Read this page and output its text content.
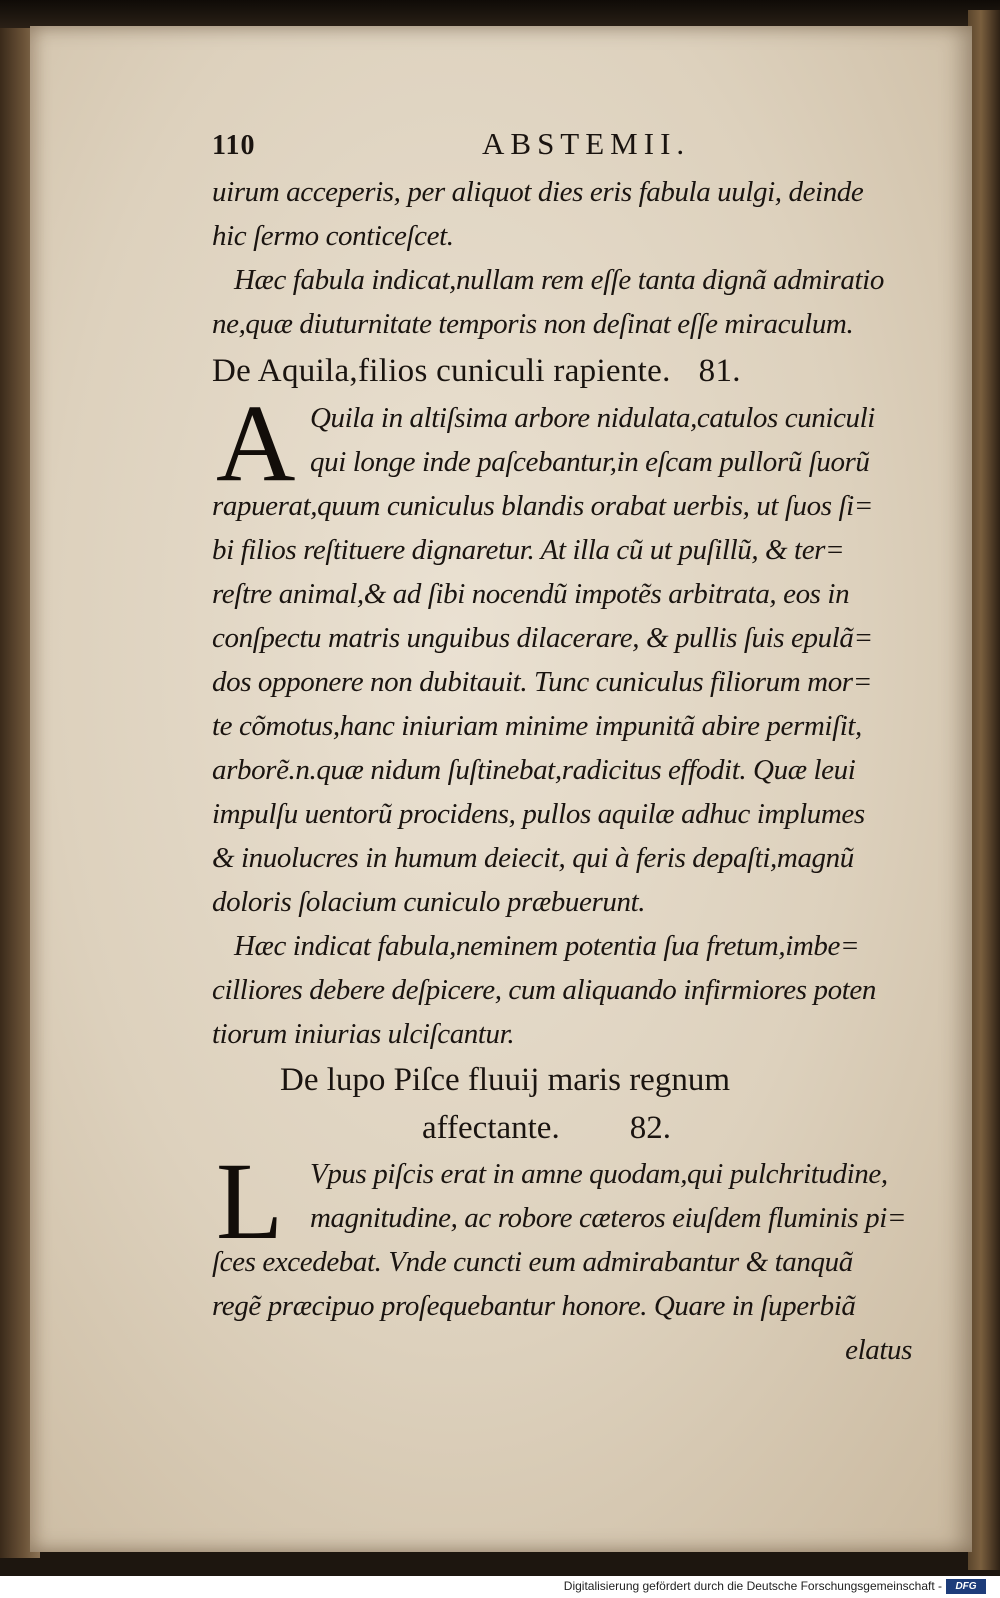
110	ABSTEMII.
uirum acceperis, per aliquot dies eris fabula uulgi, deinde
hic ſermo conticeſcet.
Hæc fabula indicat,nullam rem eſſe tanta dignã admiratio
ne,quæ diuturnitate temporis non deſinat eſſe miraculum.
De Aquila,filios cuniculi rapiente. 81.
A Quila in altiſsima arbore nidulata,catulos cuniculi
qui longe inde paſcebantur,in eſcam pullorũ ſuorũ
rapuerat,quum cuniculus blandis orabat uerbis, ut ſuos ſi=
bi filios reſtituere dignaretur. At illa cũ ut puſillũ, & ter=
reſtre animal,& ad ſibi nocendũ impotẽs arbitrata, eos in
conſpectu matris unguibus dilacerare, & pullis ſuis epulã=
dos opponere non dubitauit. Tunc cuniculus filiorum mor=
te cõmotus,hanc iniuriam minime impunitã abire permiſit,
arborẽ.n.quæ nidum ſuſtinebat,radicitus effodit. Quæ leui
impulſu uentorũ procidens, pullos aquilæ adhuc implumes
& inuolucres in humum deiecit, qui à feris depaſti,magnũ
doloris ſolacium cuniculo præbuerunt.
Hæc indicat fabula,neminem potentia ſua fretum,imbe=
cilliores debere deſpicere, cum aliquando infirmiores poten
tiorum iniurias ulciſcantur.
De lupo Piſce fluuij maris regnum
affectante. 82.
L Vpus piſcis erat in amne quodam,qui pulchritudine,
magnitudine, ac robore cæteros eiuſdem fluminis pi=
ſces excedebat. Vnde cuncti eum admirabantur & tanquã
regẽ præcipuo proſequebantur honore. Quare in ſuperbiã
elatus
Digitalisierung gefördert durch die Deutsche Forschungsgemeinschaft -	DFG
